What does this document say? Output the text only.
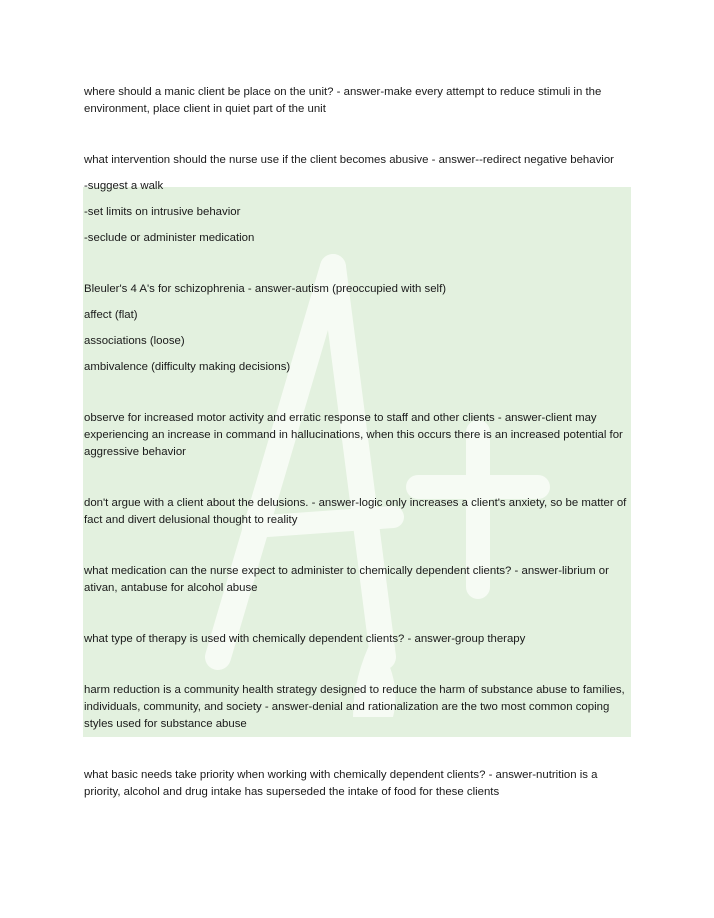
where should a manic client be place on the unit? - answer-make every attempt to reduce stimuli in the environment, place client in quiet part of the unit

what intervention should the nurse use if the client becomes abusive - answer--redirect negative behavior

-suggest a walk

-set limits on intrusive behavior

-seclude or administer medication

Bleuler's 4 A's for schizophrenia - answer-autism (preoccupied with self)

affect (flat)

associations (loose)

ambivalence (difficulty making decisions)

observe for increased motor activity and erratic response to staff and other clients - answer-client may experiencing an increase in command in hallucinations, when this occurs there is an increased potential for aggressive behavior

don't argue with a client about the delusions. - answer-logic only increases a client's anxiety, so be matter of fact and divert delusional thought to reality

what medication can the nurse expect to administer to chemically dependent clients? - answer-librium or ativan, antabuse for alcohol abuse

what type of therapy is used with chemically dependent clients? - answer-group therapy

harm reduction is a community health strategy designed to reduce the harm of substance abuse to families, individuals, community, and society - answer-denial and rationalization are the two most common coping styles used for substance abuse

what basic needs take priority when working with chemically dependent clients? - answer-nutrition is a priority, alcohol and drug intake has superseded the intake of food for these clients
